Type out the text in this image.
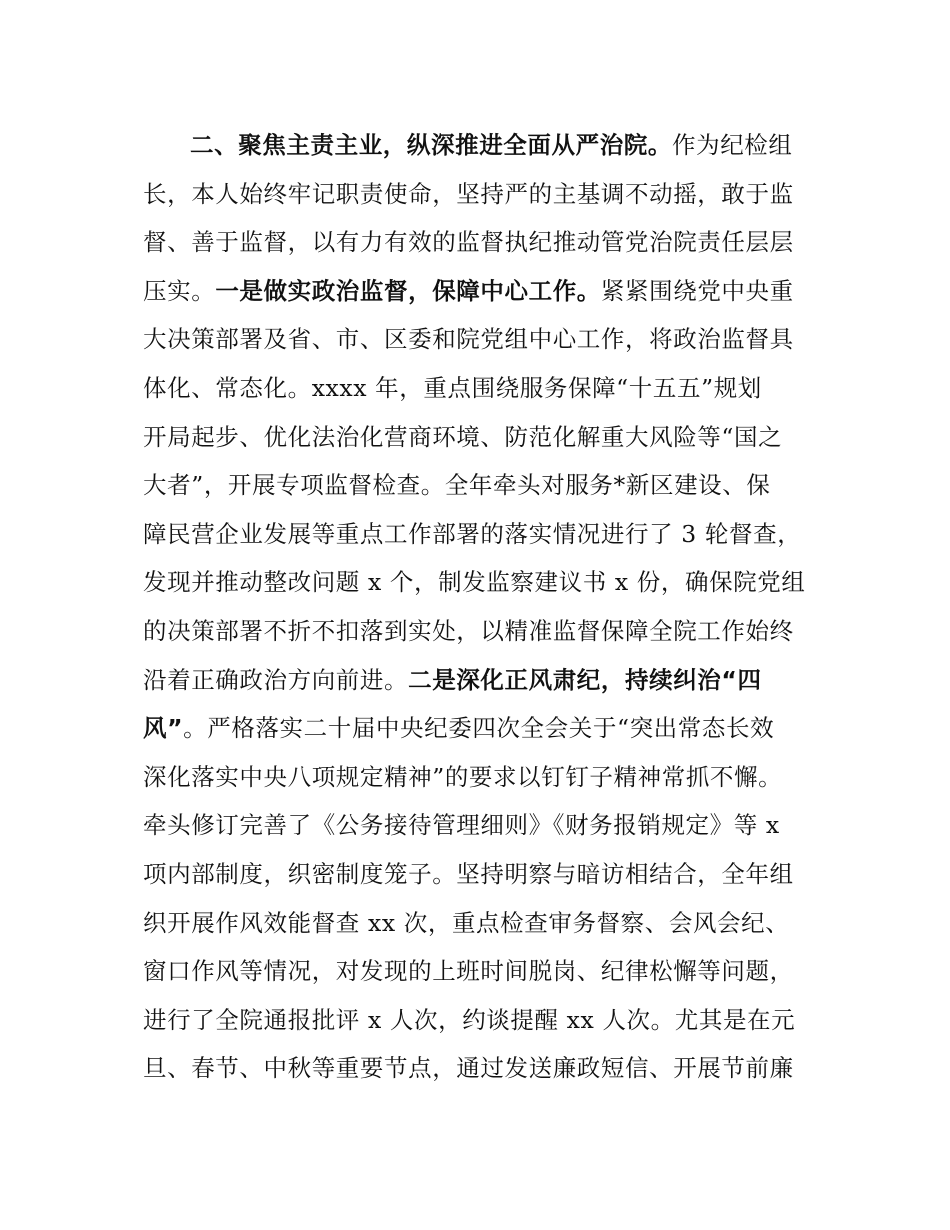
二、聚焦主责主业，纵深推进全面从严治院。作为纪检组
长，本人始终牢记职责使命，坚持严的主基调不动摇，敢于监
督、善于监督，以有力有效的监督执纪推动管党治院责任层层
压实。一是做实政治监督，保障中心工作。紧紧围绕党中央重
大决策部署及省、市、区委和院党组中心工作，将政治监督具
体化、常态化。xxxx 年，重点围绕服务保障“十五五”规划
开局起步、优化法治化营商环境、防范化解重大风险等“国之
大者”，开展专项监督检查。全年牵头对服务*新区建设、保
障民营企业发展等重点工作部署的落实情况进行了 3 轮督查，
发现并推动整改问题 x 个，制发监察建议书 x 份，确保院党组
的决策部署不折不扣落到实处，以精准监督保障全院工作始终
沿着正确政治方向前进。二是深化正风肃纪，持续纠治“四
风”。严格落实二十届中央纪委四次全会关于“突出常态长效
深化落实中央八项规定精神”的要求以钉钉子精神常抓不懈。
牵头修订完善了《公务接待管理细则》《财务报销规定》等 x
项内部制度，织密制度笼子。坚持明察与暗访相结合，全年组
织开展作风效能督查 xx 次，重点检查审务督察、会风会纪、
窗口作风等情况，对发现的上班时间脱岗、纪律松懈等问题，
进行了全院通报批评 x 人次，约谈提醒 xx 人次。尤其是在元
旦、春节、中秋等重要节点，通过发送廉政短信、开展节前廉
